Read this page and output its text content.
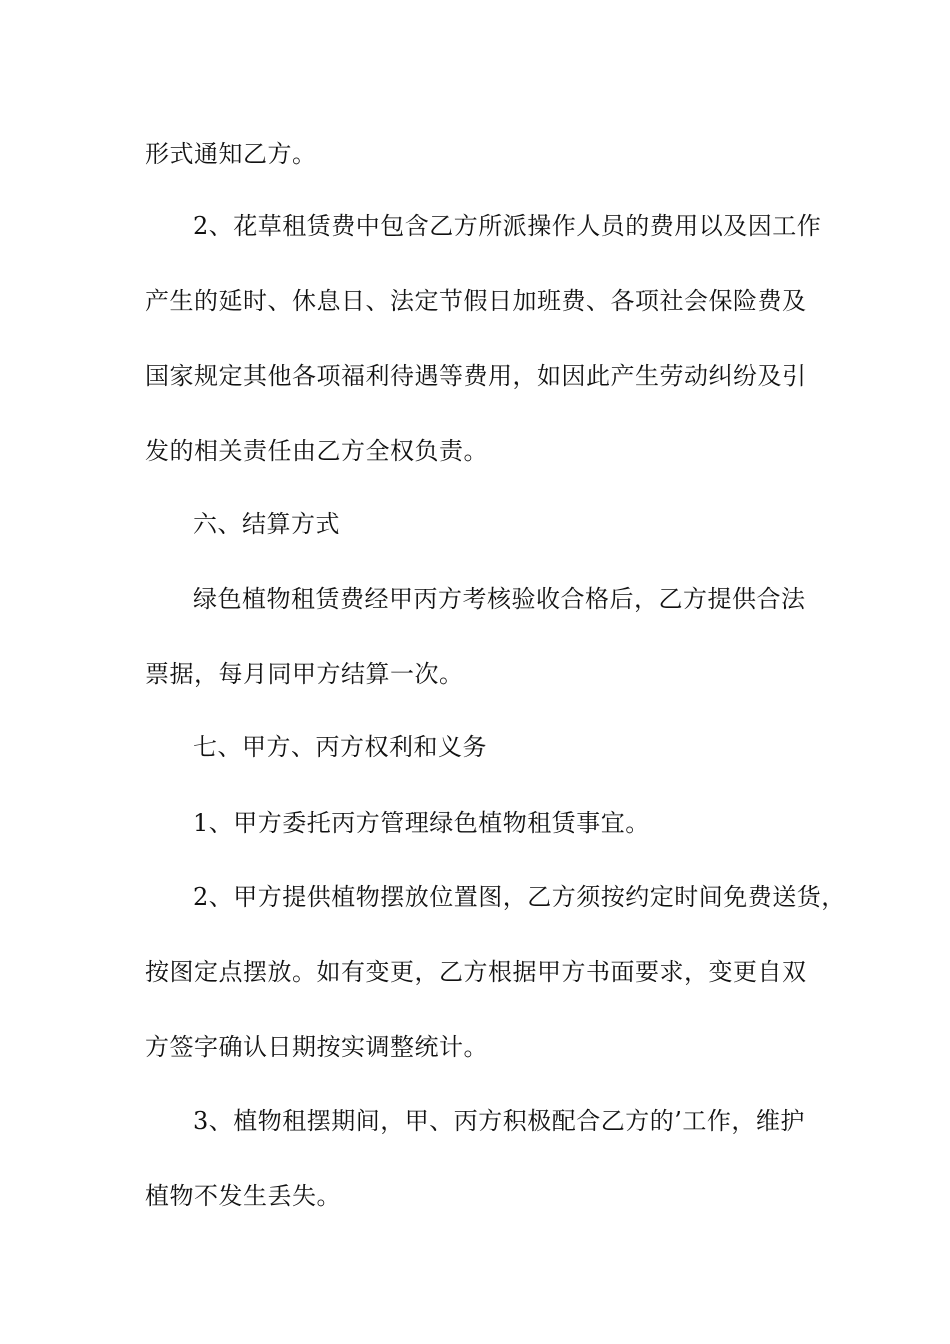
形式通知乙方。
2、花草租赁费中包含乙方所派操作人员的费用以及因工作
产生的延时、休息日、法定节假日加班费、各项社会保险费及
国家规定其他各项福利待遇等费用，如因此产生劳动纠纷及引
发的相关责任由乙方全权负责。
六、结算方式
绿色植物租赁费经甲丙方考核验收合格后，乙方提供合法
票据，每月同甲方结算一次。
七、甲方、丙方权利和义务
1、甲方委托丙方管理绿色植物租赁事宜。
2、甲方提供植物摆放位置图，乙方须按约定时间免费送货，
按图定点摆放。如有变更，乙方根据甲方书面要求，变更自双
方签字确认日期按实调整统计。
3、植物租摆期间，甲、丙方积极配合乙方的’工作，维护
植物不发生丢失。
